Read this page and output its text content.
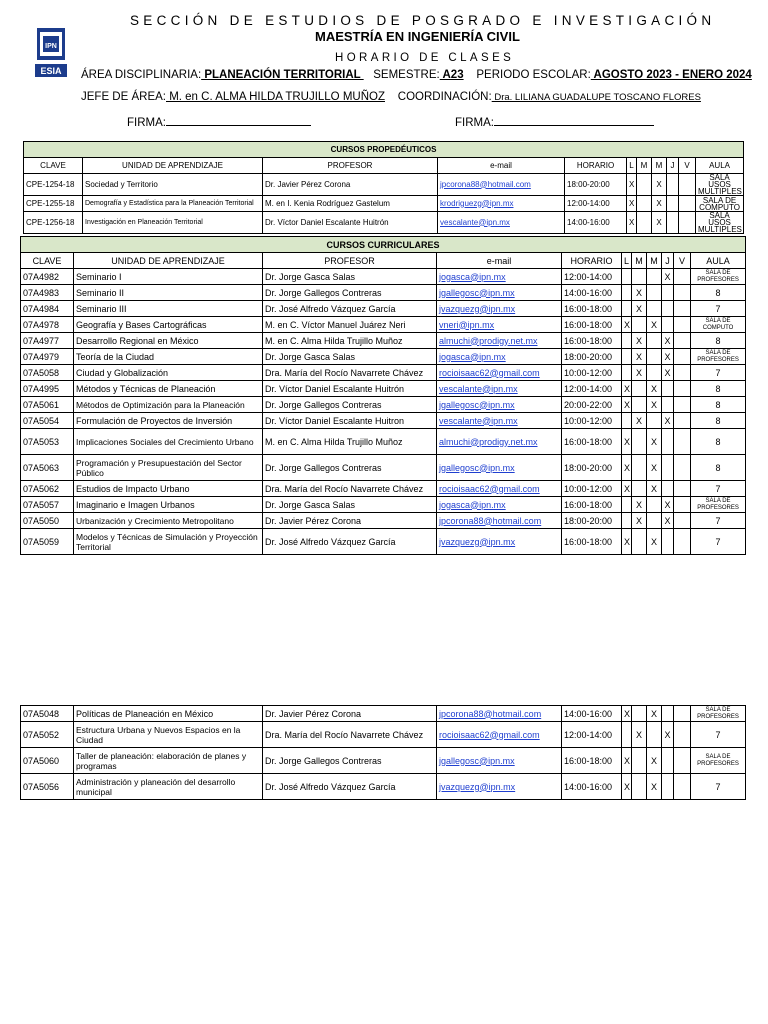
IPN
ESIA
SECCIÓN DE ESTUDIOS DE POSGRADO E INVESTIGACIÓN
MAESTRÍA EN INGENIERÍA CIVIL
HORARIO DE CLASES
ÁREA DISCIPLINARIA: PLANEACIÓN TERRITORIAL    SEMESTRE: A23 PERIODO ESCOLAR: AGOSTO 2023 - ENERO 2024
JEFE DE ÁREA: M. en C. ALMA HILDA TRUJILLO MUÑOZ COORDINACIÓN: Dra. LILIANA GUADALUPE TOSCANO FLORES
FIRMA:	FIRMA:
CURSOS PROPEDÉUTICOS										
CLAVE	UNIDAD DE APRENDIZAJE	PROFESOR	e-mail	HORARIO	L	M	M	J	V	AULA
CPE-1254-18	Sociedad y Territorio	Dr. Javier Pérez Corona	jpcorona88@hotmail.com	18:00-20:00	X		X			SALA USOS MULTIPLES
CPE-1255-18	Demografía y Estadística para la Planeación Territorial	M. en I. Kenia Rodríguez Gastelum	krodriguezg@ipn.mx	12:00-14:00	X		X			SALA DE COMPUTO
CPE-1256-18	Investigación en Planeación Territorial	Dr. Víctor Daniel Escalante Huitrón	vescalante@ipn.mx	14:00-16:00	X		X			SALA USOS MULTIPLES
CURSOS CURRICULARES										
CLAVE	UNIDAD DE APRENDIZAJE	PROFESOR	e-mail	HORARIO	L	M	M	J	V	AULA
07A4982	Seminario I	Dr. Jorge Gasca Salas	jogasca@ipn.mx	12:00-14:00				X		SALA DE PROFESORES
07A4983	Seminario II	Dr. Jorge Gallegos Contreras	jgallegosc@ipn.mx	14:00-16:00		X				8
07A4984	Seminario III	Dr. José Alfredo Vázquez García	jvazquezg@ipn.mx	16:00-18:00		X				7
07A4978	Geografía y Bases Cartográficas	M. en C. Víctor Manuel Juárez Neri	vneri@ipn.mx	16:00-18:00	X		X			SALA DE COMPUTO
07A4977	Desarrollo Regional en México	M. en C. Alma Hilda Trujillo Muñoz	almuchi@prodigy.net.mx	16:00-18:00		X		X		8
07A4979	Teoría de la Ciudad	Dr. Jorge Gasca Salas	jogasca@ipn.mx	18:00-20:00		X		X		SALA DE PROFESORES
07A5058	Ciudad y Globalización	Dra. María del Rocío Navarrete Chávez	rocioisaac62@gmail.com	10:00-12:00		X		X		7
07A4995	Métodos y Técnicas de Planeación	Dr. Víctor Daniel Escalante Huitrón	vescalante@ipn.mx	12:00-14:00	X		X			8
07A5061	Métodos de Optimización para la Planeación	Dr. Jorge Gallegos Contreras	jgallegosc@ipn.mx	20:00-22:00	X		X			8
07A5054	Formulación de Proyectos de Inversión	Dr. Víctor Daniel Escalante Huitron	vescalante@ipn.mx	10:00-12:00		X		X		8
07A5053	Implicaciones Sociales del Crecimiento Urbano	M. en C. Alma Hilda Trujillo Muñoz	almuchi@prodigy.net.mx	16:00-18:00	X		X			8
07A5063	Programación y Presupuestación del Sector Público	Dr. Jorge Gallegos Contreras	jgallegosc@ipn.mx	18:00-20:00	X		X			8
07A5062	Estudios de Impacto Urbano	Dra. María del Rocío Navarrete Chávez	rocioisaac62@gmail.com	10:00-12:00	X		X			7
07A5057	Imaginario e Imagen Urbanos	Dr. Jorge Gasca Salas	jogasca@ipn.mx	16:00-18:00		X		X		SALA DE PROFESORES
07A5050	Urbanización y Crecimiento Metropolitano	Dr. Javier Pérez Corona	jpcorona88@hotmail.com	18:00-20:00		X		X		7
07A5059	Modelos y Técnicas de Simulación y Proyección Territorial	Dr. José Alfredo Vázquez García	jvazquezg@ipn.mx	16:00-18:00	X		X			7
07A5048	Políticas de Planeación en México	Dr. Javier Pérez Corona	jpcorona88@hotmail.com	14:00-16:00	X		X			SALA DE PROFESORES
07A5052	Estructura Urbana y Nuevos Espacios en la Ciudad	Dra. María del Rocío Navarrete Chávez	rocioisaac62@gmail.com	12:00-14:00		X		X		7
07A5060	Taller de planeación: elaboración de planes y programas	Dr. Jorge Gallegos Contreras	jgallegosc@ipn.mx	16:00-18:00	X		X			SALA DE PROFESORES
07A5056	Administración y planeación del desarrollo municipal	Dr. José Alfredo Vázquez García	jvazquezg@ipn.mx	14:00-16:00	X		X			7
